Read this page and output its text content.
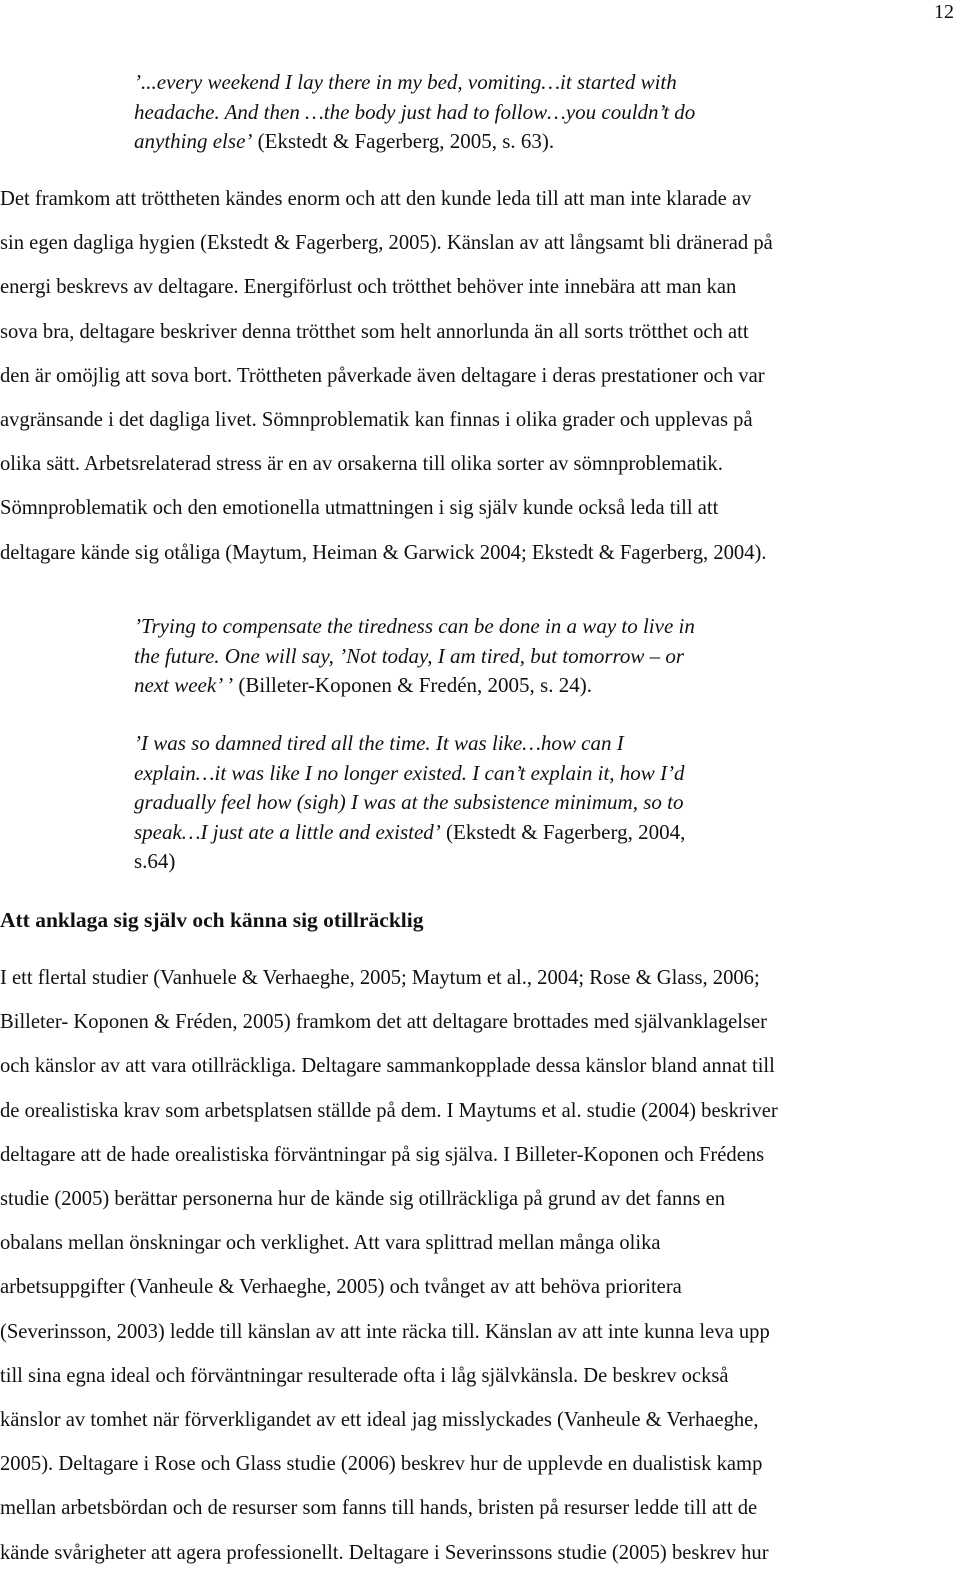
12
’...every weekend I lay there in my bed, vomiting…it started with
headache. And then …the body just had to follow…you couldn’t do
anything else’ (Ekstedt & Fagerberg, 2005, s. 63).
Det framkom att tröttheten kändes enorm och att den kunde leda till att man inte klarade av
sin egen dagliga hygien (Ekstedt & Fagerberg, 2005). Känslan av att långsamt bli dränerad på
energi beskrevs av deltagare. Energiförlust och trötthet behöver inte innebära att man kan
sova bra, deltagare beskriver denna trötthet som helt annorlunda än all sorts trötthet och att
den är omöjlig att sova bort. Tröttheten påverkade även deltagare i deras prestationer och var
avgränsande i det dagliga livet. Sömnproblematik kan finnas i olika grader och upplevas på
olika sätt. Arbetsrelaterad stress är en av orsakerna till olika sorter av sömnproblematik.
Sömnproblematik och den emotionella utmattningen i sig själv kunde också leda till att
deltagare kände sig otåliga (Maytum, Heiman & Garwick 2004; Ekstedt & Fagerberg, 2004).
’Trying to compensate the tiredness can be done in a way to live in
the future. One will say, ’Not today, I am tired, but tomorrow – or
next week’ ’ (Billeter-Koponen & Fredén, 2005, s. 24).
’I was so damned tired all the time. It was like…how can I
explain…it was like I no longer existed. I can’t explain it, how I’d
gradually feel how (sigh) I was at the subsistence minimum, so to
speak…I just ate a little and existed’ (Ekstedt & Fagerberg, 2004,
s.64)
Att anklaga sig själv och känna sig otillräcklig
I ett flertal studier (Vanhuele & Verhaeghe, 2005; Maytum et al., 2004; Rose & Glass, 2006;
Billeter- Koponen & Fréden, 2005) framkom det att deltagare brottades med självanklagelser
och känslor av att vara otillräckliga. Deltagare sammankopplade dessa känslor bland annat till
de orealistiska krav som arbetsplatsen ställde på dem. I Maytums et al. studie (2004) beskriver
deltagare att de hade orealistiska förväntningar på sig själva. I Billeter-Koponen och Frédens
studie (2005) berättar personerna hur de kände sig otillräckliga på grund av det fanns en
obalans mellan önskningar och verklighet. Att vara splittrad mellan många olika
arbetsuppgifter (Vanheule & Verhaeghe, 2005) och tvånget av att behöva prioritera
(Severinsson, 2003) ledde till känslan av att inte räcka till. Känslan av att inte kunna leva upp
till sina egna ideal och förväntningar resulterade ofta i låg självkänsla. De beskrev också
känslor av tomhet när förverkligandet av ett ideal jag misslyckades (Vanheule & Verhaeghe,
2005). Deltagare i Rose och Glass studie (2006) beskrev hur de upplevde en dualistisk kamp
mellan arbetsbördan och de resurser som fanns till hands, bristen på resurser ledde till att de
kände svårigheter att agera professionellt. Deltagare i Severinssons studie (2005) beskrev hur
